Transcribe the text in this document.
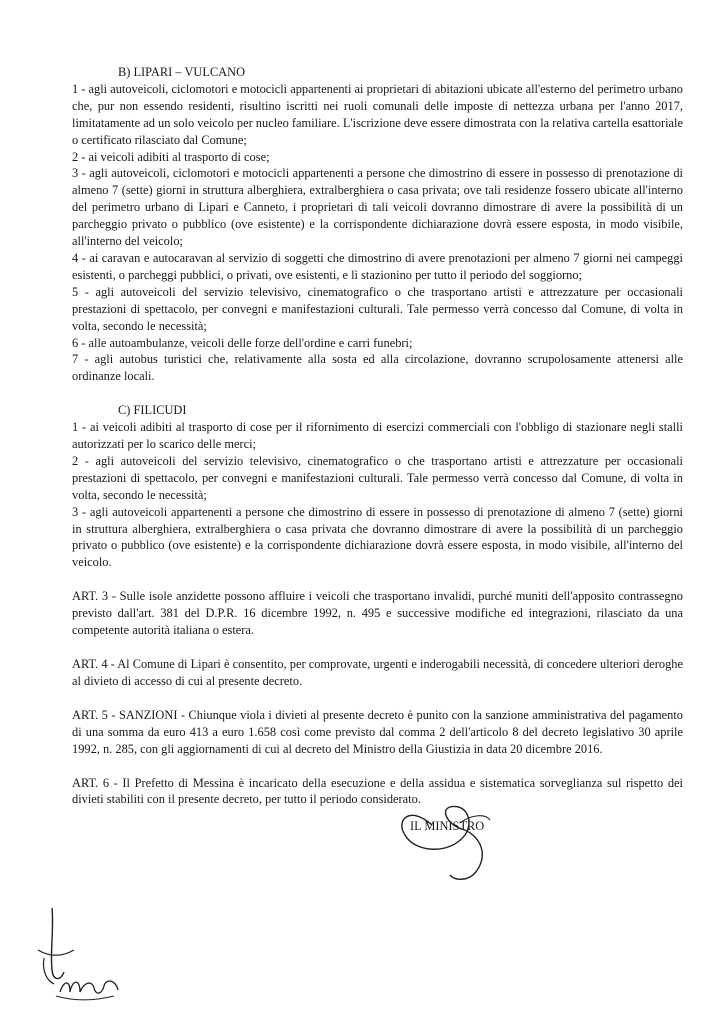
B) LIPARI – VULCANO

1 - agli autoveicoli, ciclomotori e motocicli appartenenti ai proprietari di abitazioni ubicate all'esterno del perimetro urbano che, pur non essendo residenti, risultino iscritti nei ruoli comunali delle imposte di nettezza urbana per l'anno 2017, limitatamente ad un solo veicolo per nucleo familiare. L'iscrizione deve essere dimostrata con la relativa cartella esattoriale o certificato rilasciato dal Comune;

2 - ai veicoli adibiti al trasporto di cose;

3 - agli autoveicoli, ciclomotori e motocicli appartenenti a persone che dimostrino di essere in possesso di prenotazione di almeno 7 (sette) giorni in struttura alberghiera, extralberghiera o casa privata; ove tali residenze fossero ubicate all'interno del perimetro urbano di Lipari e Canneto, i proprietari di tali veicoli dovranno dimostrare di avere la possibilità di un parcheggio privato o pubblico (ove esistente) e la corrispondente dichiarazione dovrà essere esposta, in modo visibile, all'interno del veicolo;

4 - ai caravan e autocaravan al servizio di soggetti che dimostrino di avere prenotazioni per almeno 7 giorni nei campeggi esistenti, o parcheggi pubblici, o privati, ove esistenti, e lì stazionino per tutto il periodo del soggiorno;

5 - agli autoveicoli del servizio televisivo, cinematografico o che trasportano artisti e attrezzature per occasionali prestazioni di spettacolo, per convegni e manifestazioni culturali. Tale permesso verrà concesso dal Comune, di volta in volta, secondo le necessità;

6 - alle autoambulanze, veicoli delle forze dell'ordine e carri funebri;

7 - agli autobus turistici che, relativamente alla sosta ed alla circolazione, dovranno scrupolosamente attenersi alle ordinanze locali.

C) FILICUDI

1 - ai veicoli adibiti al trasporto di cose per il rifornimento di esercizi commerciali con l'obbligo di stazionare negli stalli autorizzati per lo scarico delle merci;

2 - agli autoveicoli del servizio televisivo, cinematografico o che trasportano artisti e attrezzature per occasionali prestazioni di spettacolo, per convegni e manifestazioni culturali. Tale permesso verrà concesso dal Comune, di volta in volta, secondo le necessità;

3 - agli autoveicoli appartenenti a persone che dimostrino di essere in possesso di prenotazione di almeno 7 (sette) giorni in struttura alberghiera, extralberghiera o casa privata che dovranno dimostrare di avere la possibilità di un parcheggio privato o pubblico (ove esistente) e la corrispondente dichiarazione dovrà essere esposta, in modo visibile, all'interno del veicolo.

ART. 3 - Sulle isole anzidette possono affluire i veicoli che trasportano invalidi, purché muniti dell'apposito contrassegno previsto dall'art. 381 del D.P.R. 16 dicembre 1992, n. 495 e successive modifiche ed integrazioni, rilasciato da una competente autorità italiana o estera.

ART. 4 - Al Comune di Lipari è consentito, per comprovate, urgenti e inderogabili necessità, di concedere ulteriori deroghe al divieto di accesso di cui al presente decreto.

ART. 5 - SANZIONI - Chiunque viola i divieti al presente decreto è punito con la sanzione amministrativa del pagamento di una somma da euro 413 a euro 1.658 così come previsto dal comma 2 dell'articolo 8 del decreto legislativo 30 aprile 1992, n. 285, con gli aggiornamenti di cui al decreto del Ministro della Giustizia in data 20 dicembre 2016.

ART. 6 - Il Prefetto di Messina è incaricato della esecuzione e della assidua e sistematica sorveglianza sul rispetto dei divieti stabiliti con il presente decreto, per tutto il periodo considerato.

IL MINISTRO
